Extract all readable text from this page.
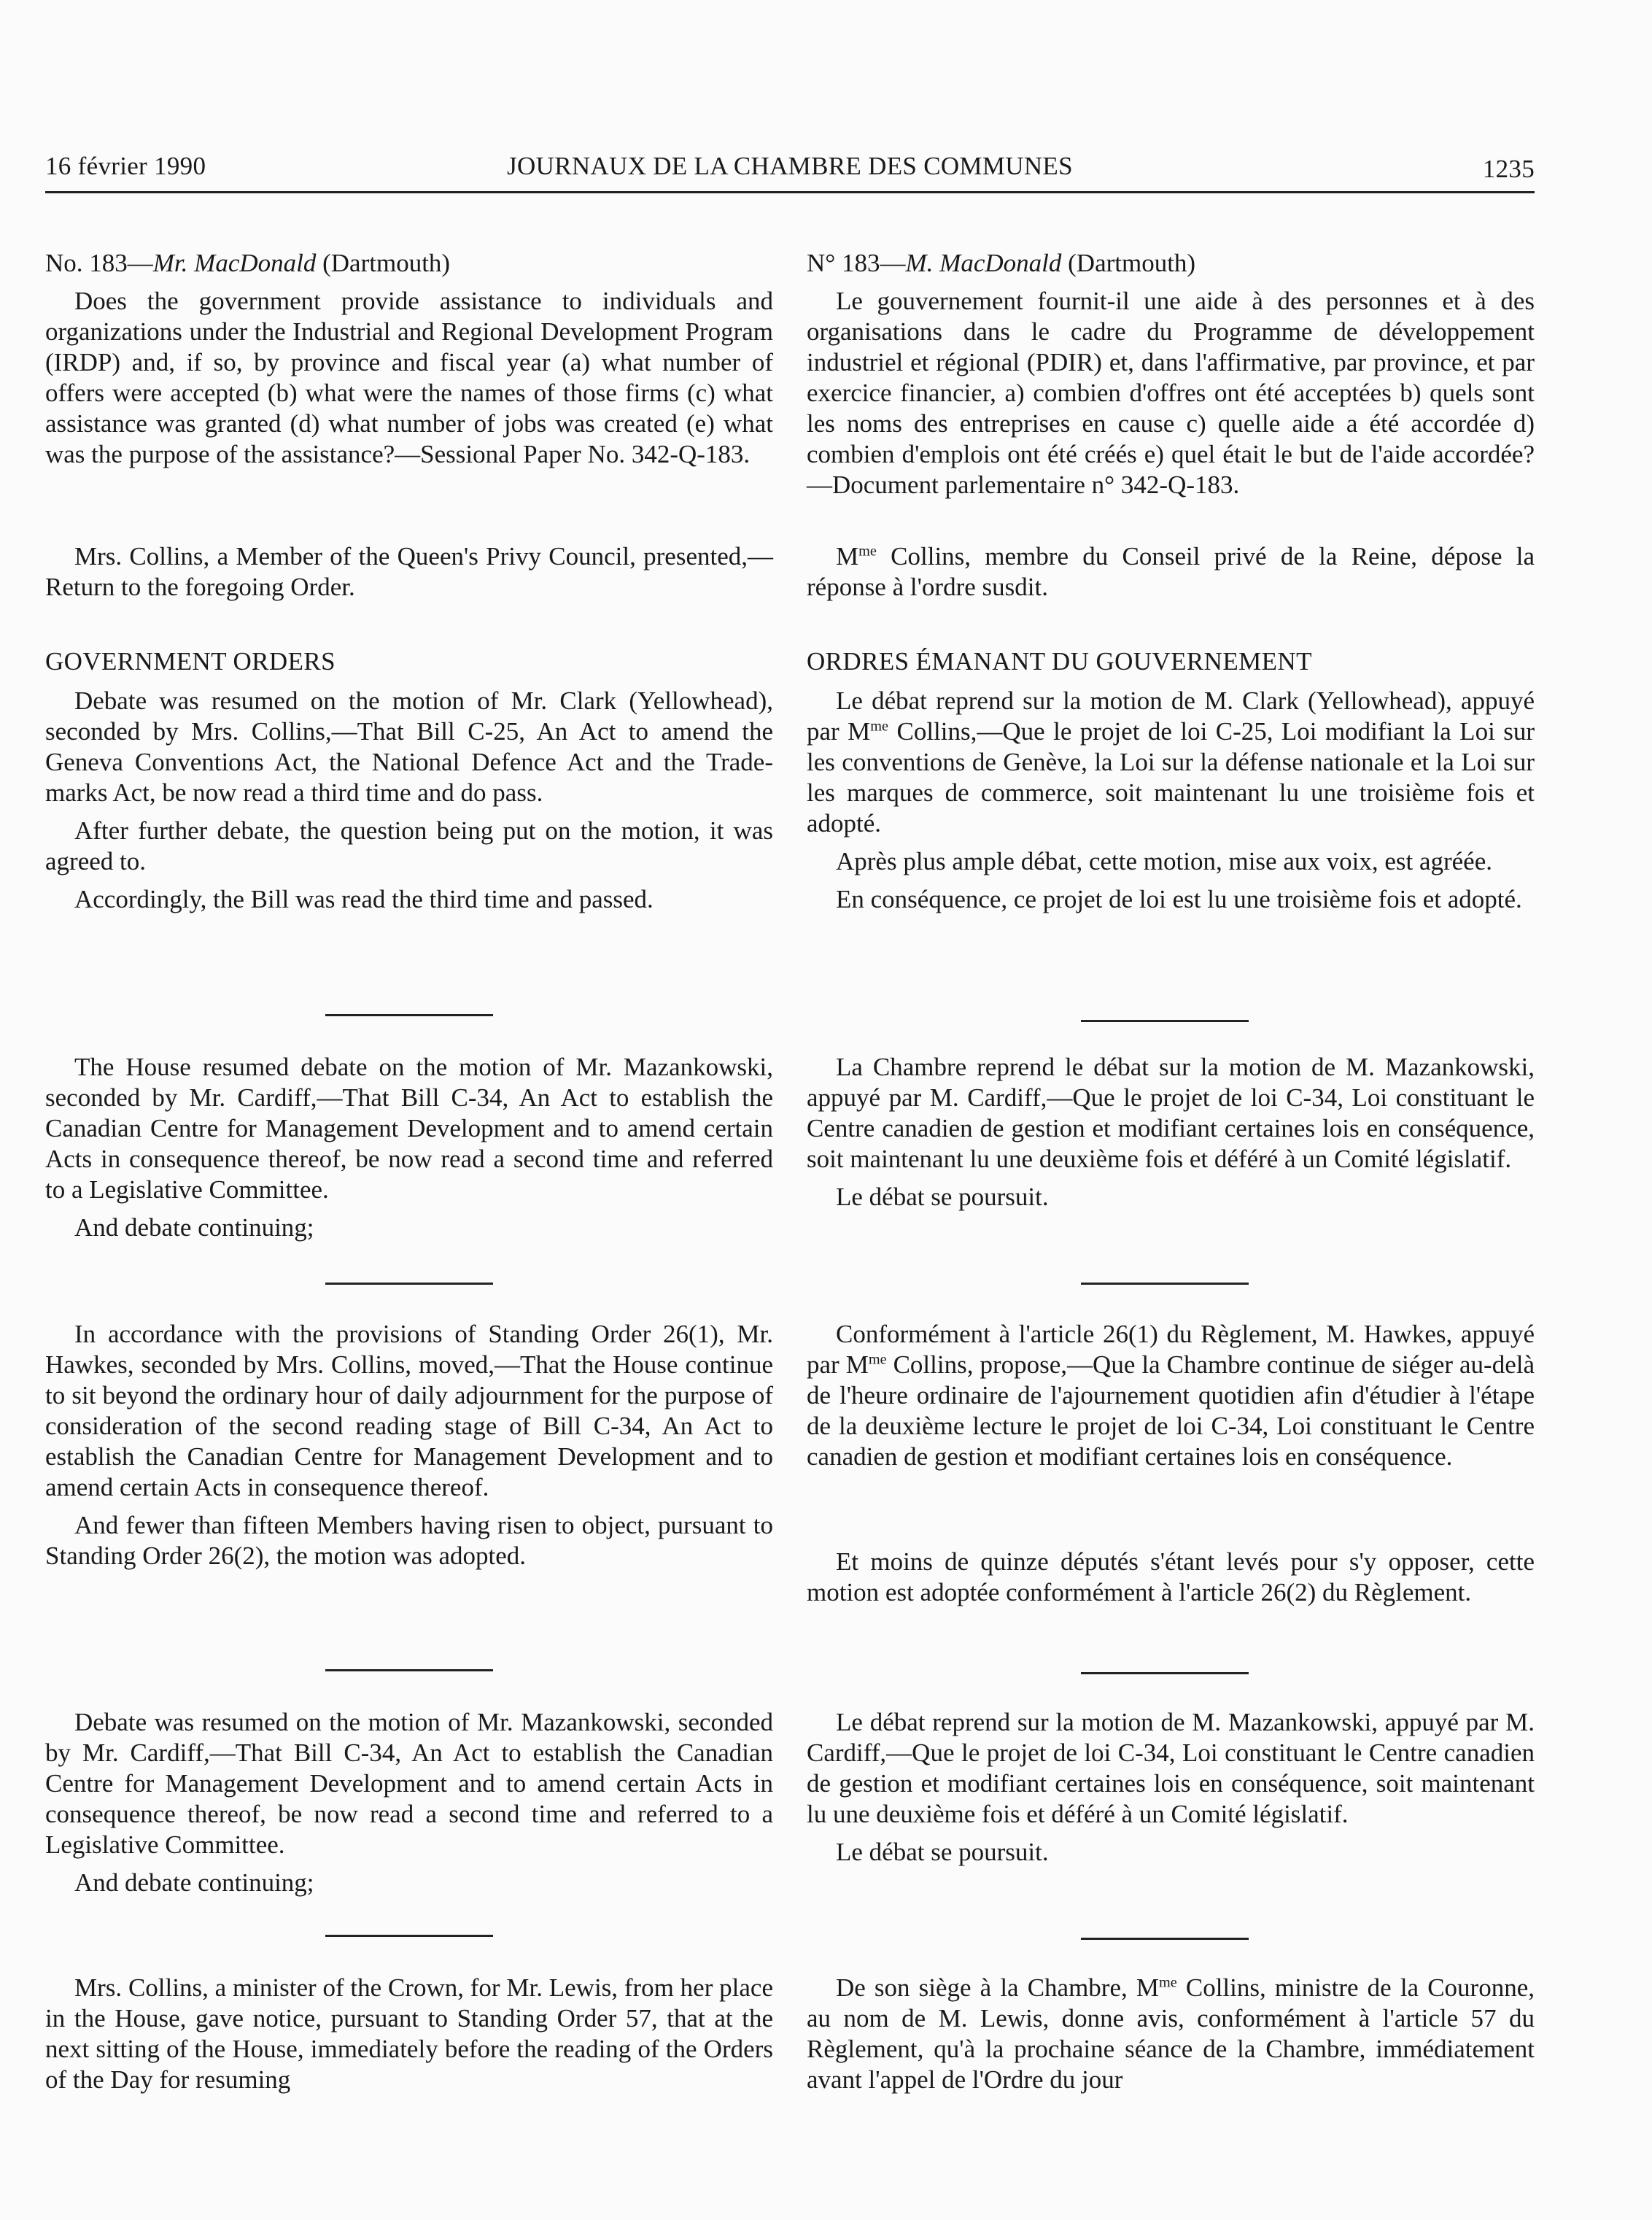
16 février 1990	JOURNAUX DE LA CHAMBRE DES COMMUNES	1235

No. 183—Mr. MacDonald (Dartmouth)

Does the government provide assistance to individuals and organizations under the Industrial and Regional Development Program (IRDP) and, if so, by province and fiscal year (a) what number of offers were accepted (b) what were the names of those firms (c) what assistance was granted (d) what number of jobs was created (e) what was the purpose of the assistance?—Sessional Paper No. 342-Q-183.

Mrs. Collins, a Member of the Queen's Privy Council, presented,—Return to the foregoing Order.

GOVERNMENT ORDERS

Debate was resumed on the motion of Mr. Clark (Yellowhead), seconded by Mrs. Collins,—That Bill C-25, An Act to amend the Geneva Conventions Act, the National Defence Act and the Trade-marks Act, be now read a third time and do pass.

After further debate, the question being put on the motion, it was agreed to.

Accordingly, the Bill was read the third time and passed.

The House resumed debate on the motion of Mr. Mazankowski, seconded by Mr. Cardiff,—That Bill C-34, An Act to establish the Canadian Centre for Management Development and to amend certain Acts in consequence thereof, be now read a second time and referred to a Legislative Committee.

And debate continuing;

In accordance with the provisions of Standing Order 26(1), Mr. Hawkes, seconded by Mrs. Collins, moved,—That the House continue to sit beyond the ordinary hour of daily adjournment for the purpose of consideration of the second reading stage of Bill C-34, An Act to establish the Canadian Centre for Management Development and to amend certain Acts in consequence thereof.

And fewer than fifteen Members having risen to object, pursuant to Standing Order 26(2), the motion was adopted.

Debate was resumed on the motion of Mr. Mazankowski, seconded by Mr. Cardiff,—That Bill C-34, An Act to establish the Canadian Centre for Management Development and to amend certain Acts in consequence thereof, be now read a second time and referred to a Legislative Committee.

And debate continuing;

Mrs. Collins, a minister of the Crown, for Mr. Lewis, from her place in the House, gave notice, pursuant to Standing Order 57, that at the next sitting of the House, immediately before the reading of the Orders of the Day for resuming

N° 183—M. MacDonald (Dartmouth)

Le gouvernement fournit-il une aide à des personnes et à des organisations dans le cadre du Programme de développement industriel et régional (PDIR) et, dans l'affirmative, par province, et par exercice financier, a) combien d'offres ont été acceptées b) quels sont les noms des entreprises en cause c) quelle aide a été accordée d) combien d'emplois ont été créés e) quel était le but de l'aide accordée?—Document parlementaire n° 342-Q-183.

$M^{me}$ Collins, membre du Conseil privé de la Reine, dépose la réponse à l'ordre susdit.

ORDRES ÉMANANT DU GOUVERNEMENT

Le débat reprend sur la motion de M. Clark (Yellowhead), appuyé par $M^{me}$ Collins,—Que le projet de loi C-25, Loi modifiant la Loi sur les conventions de Genève, la Loi sur la défense nationale et la Loi sur les marques de commerce, soit maintenant lu une troisième fois et adopté.

Après plus ample débat, cette motion, mise aux voix, est agréée.

En conséquence, ce projet de loi est lu une troisième fois et adopté.

La Chambre reprend le débat sur la motion de M. Mazankowski, appuyé par M. Cardiff,—Que le projet de loi C-34, Loi constituant le Centre canadien de gestion et modifiant certaines lois en conséquence, soit maintenant lu une deuxième fois et déféré à un Comité législatif.

Le débat se poursuit.

Conformément à l'article 26(1) du Règlement, M. Hawkes, appuyé par $M^{me}$ Collins, propose,—Que la Chambre continue de siéger au-delà de l'heure ordinaire de l'ajournement quotidien afin d'étudier à l'étape de la deuxième lecture le projet de loi C-34, Loi constituant le Centre canadien de gestion et modifiant certaines lois en conséquence.

Et moins de quinze députés s'étant levés pour s'y opposer, cette motion est adoptée conformément à l'article 26(2) du Règlement.

Le débat reprend sur la motion de M. Mazankowski, appuyé par M. Cardiff,—Que le projet de loi C-34, Loi constituant le Centre canadien de gestion et modifiant certaines lois en conséquence, soit maintenant lu une deuxième fois et déféré à un Comité législatif.

Le débat se poursuit.

De son siège à la Chambre, $M^{me}$ Collins, ministre de la Couronne, au nom de M. Lewis, donne avis, conformément à l'article 57 du Règlement, qu'à la prochaine séance de la Chambre, immédiatement avant l'appel de l'Ordre du jour
